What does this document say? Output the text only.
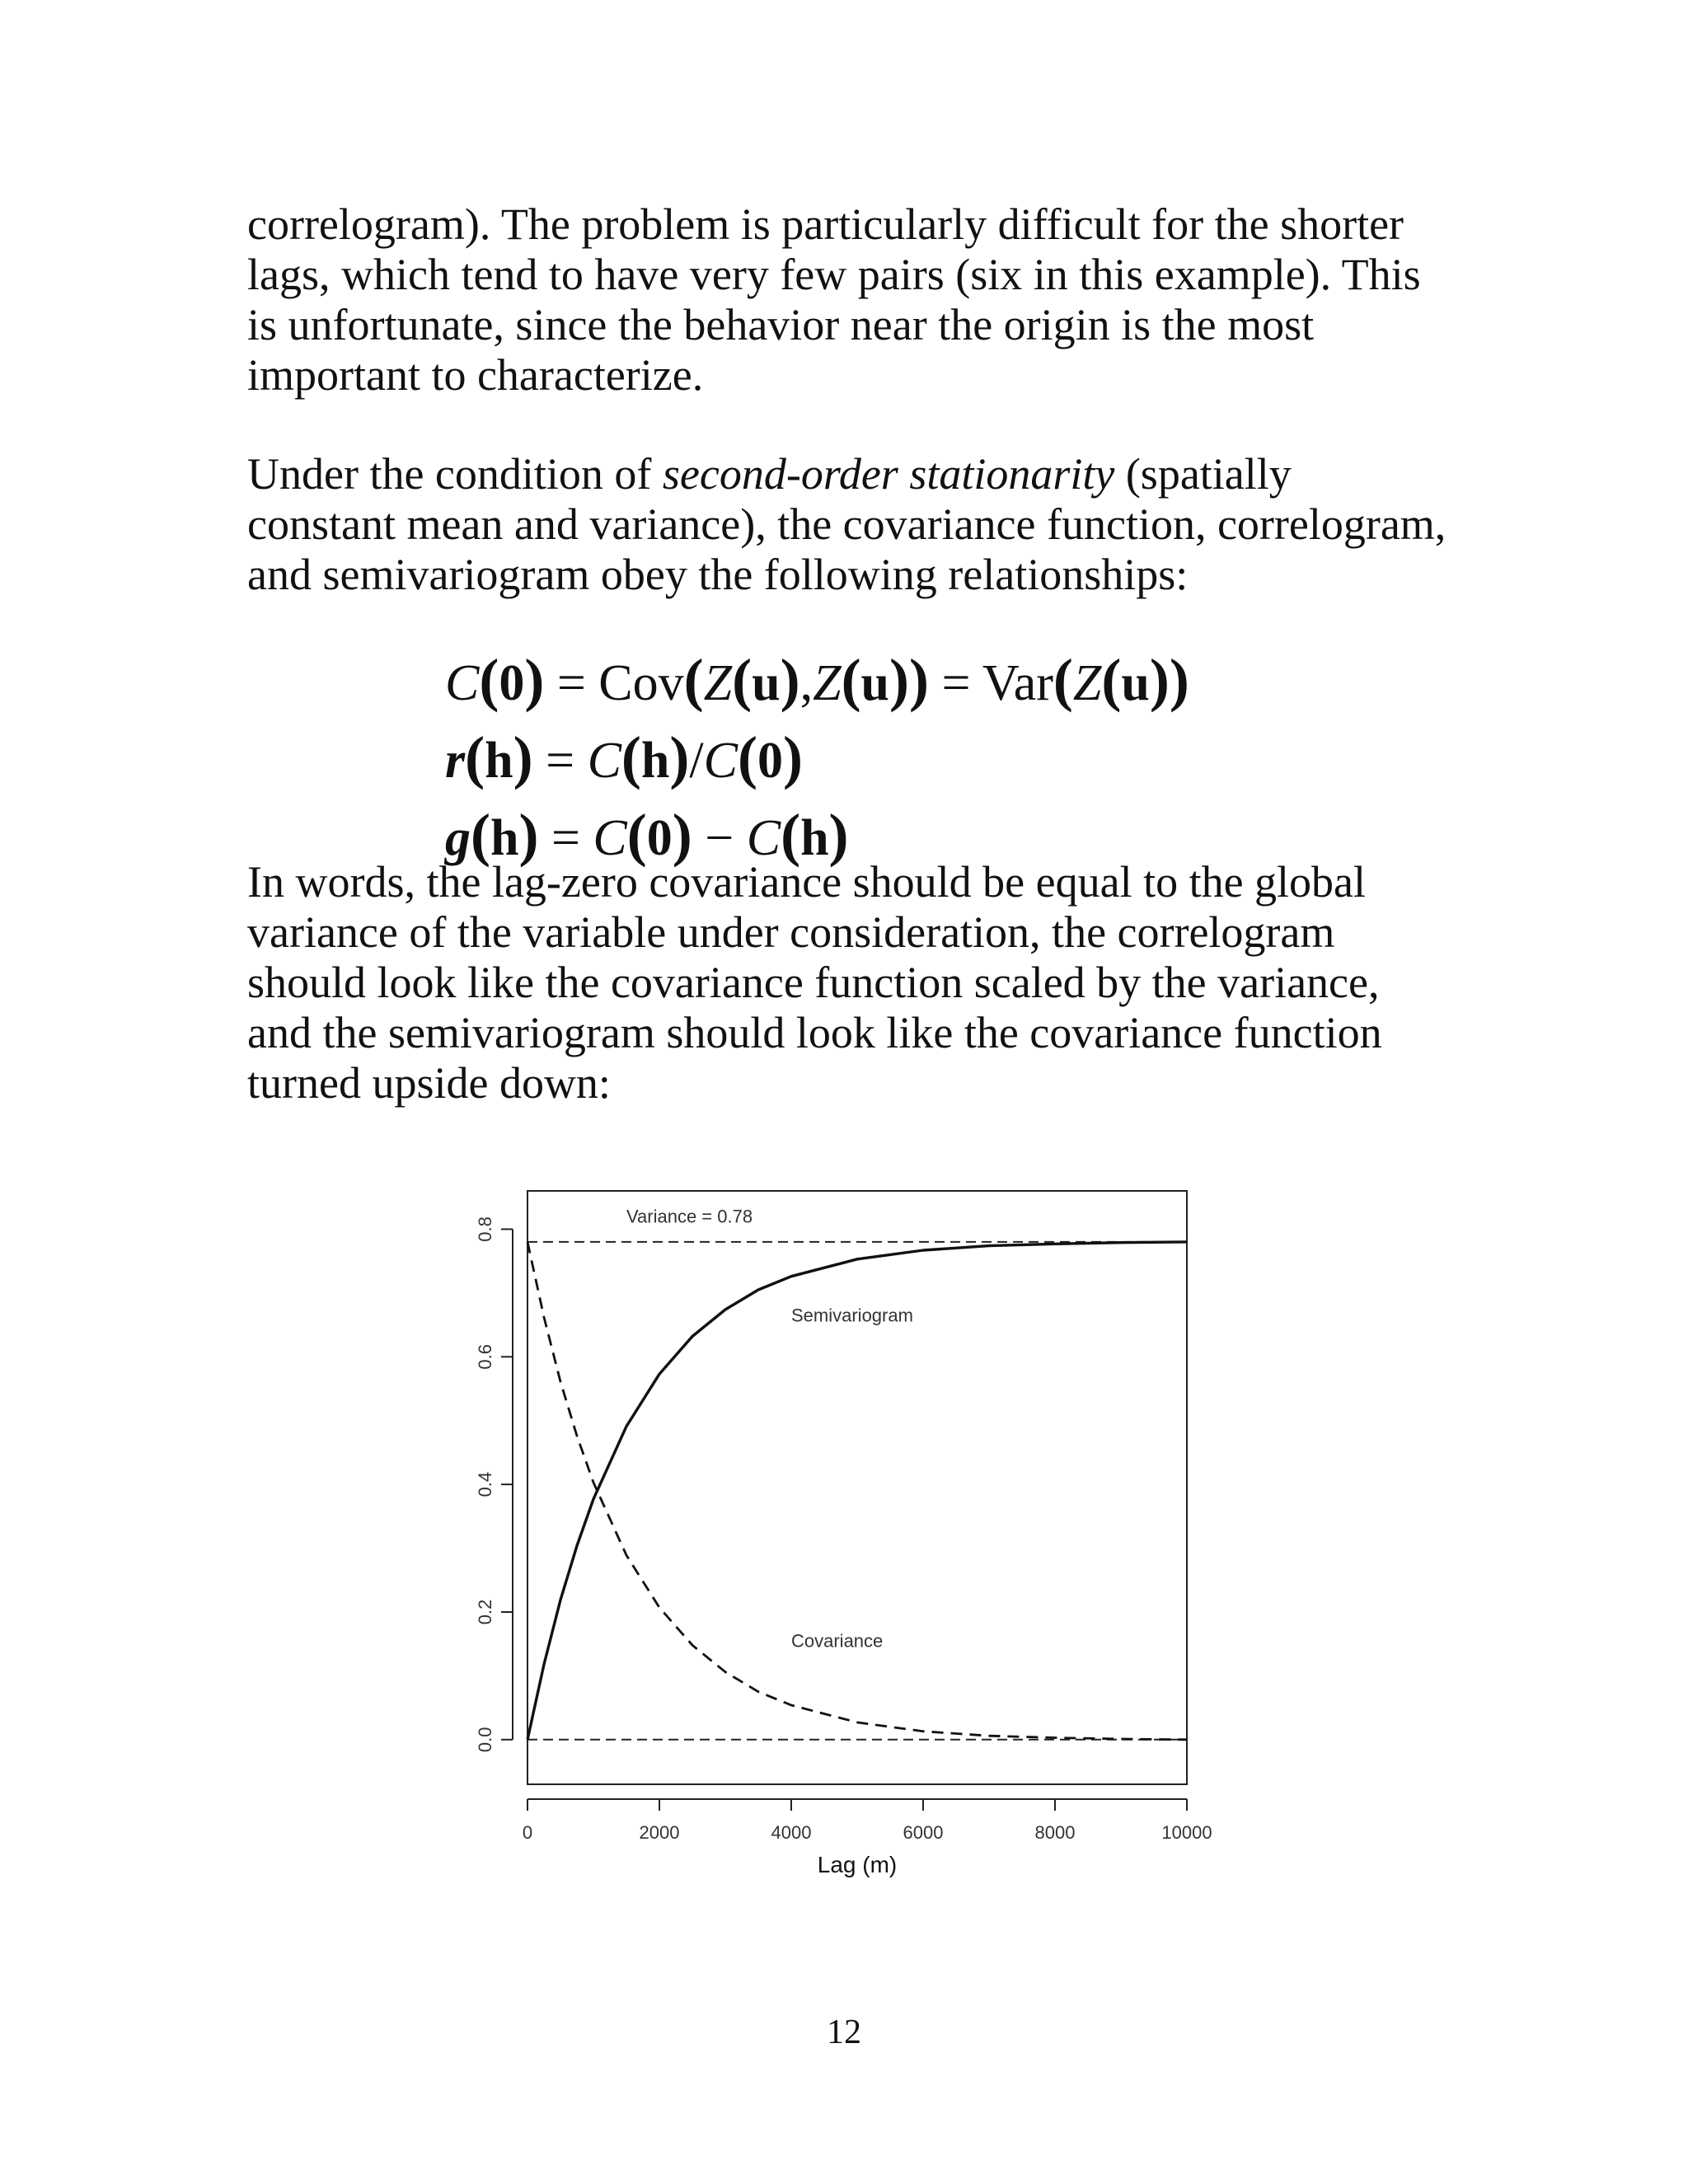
correlogram). The problem is particularly difficult for the shorter lags, which tend to have very few pairs (six in this example). This is unfortunate, since the behavior near the origin is the most important to characterize.

Under the condition of second-order stationarity (spatially constant mean and variance), the covariance function, correlogram, and semivariogram obey the following relationships:

C(0) = Cov(Z(u),Z(u)) = Var(Z(u))
r(h) = C(h)/C(0)
g(h) = C(0) − C(h)

In words, the lag-zero covariance should be equal to the global variance of the variable under consideration, the correlogram should look like the covariance function scaled by the variance, and the semivariogram should look like the covariance function turned upside down:

0	2000	4000	6000	8000	10000
0.0
0.2
0.4
0.6
0.8	Variance = 0.78
Semivariogram
Covariance
Lag (m)

12
